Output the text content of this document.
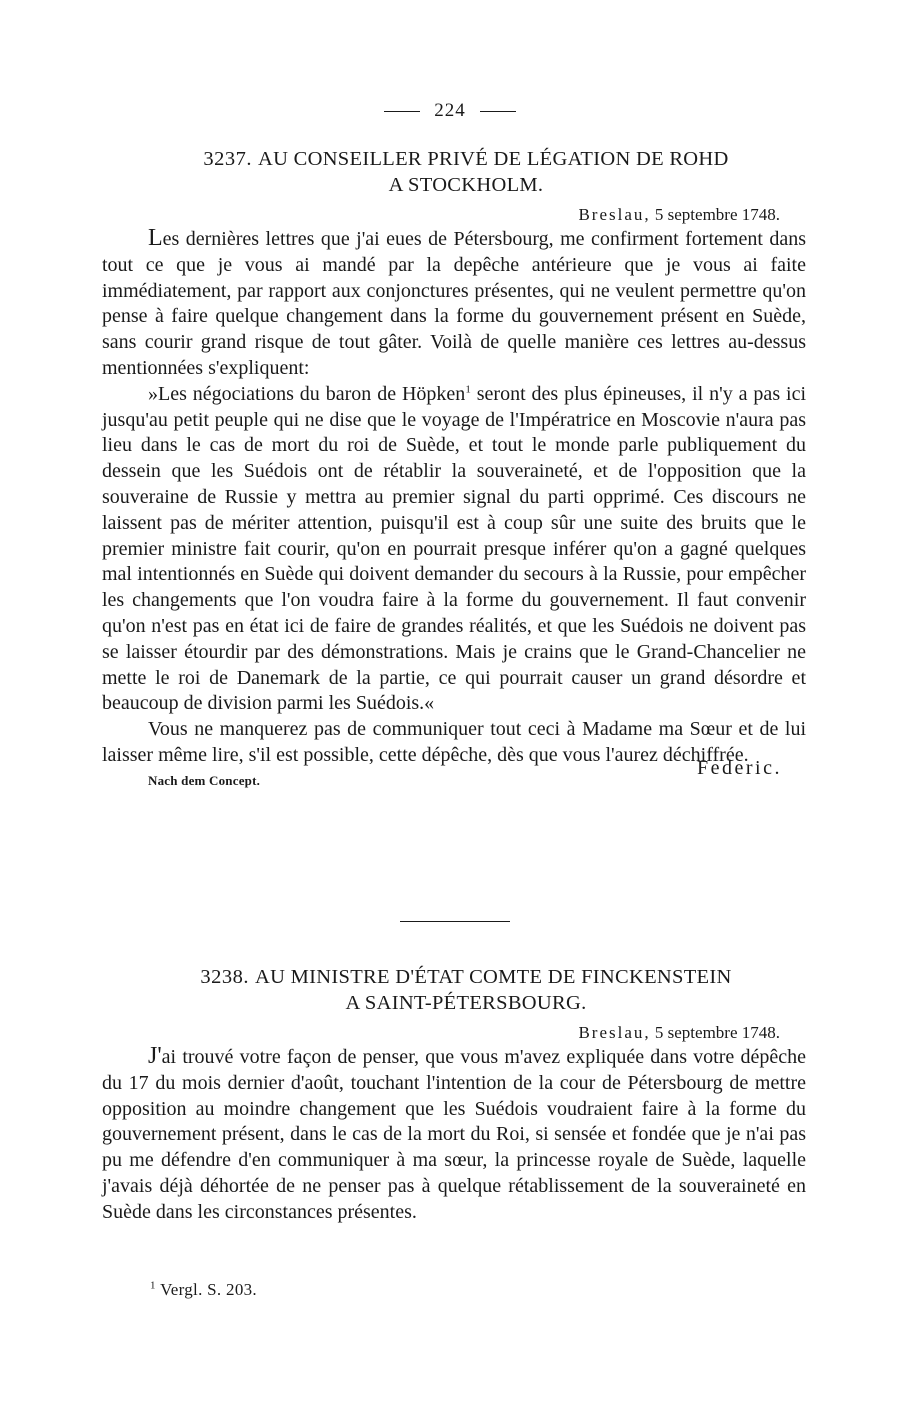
224
3237. AU CONSEILLER PRIVÉ DE LÉGATION DE ROHD
A STOCKHOLM.
Breslau, 5 septembre 1748.

Les dernières lettres que j'ai eues de Pétersbourg, me confirment fortement dans tout ce que je vous ai mandé par la depêche antérieure que je vous ai faite immédiatement, par rapport aux conjonctures présentes, qui ne veulent permettre qu'on pense à faire quelque changement dans la forme du gouvernement présent en Suède, sans courir grand risque de tout gâter. Voilà de quelle manière ces lettres au-dessus mentionnées s'expliquent:

»Les négociations du baron de Höpken$^1$ seront des plus épineuses, il n'y a pas ici jusqu'au petit peuple qui ne dise que le voyage de l'Impératrice en Moscovie n'aura pas lieu dans le cas de mort du roi de Suède, et tout le monde parle publiquement du dessein que les Suédois ont de rétablir la souveraineté, et de l'opposition que la souveraine de Russie y mettra au premier signal du parti opprimé. Ces discours ne laissent pas de mériter attention, puisqu'il est à coup sûr une suite des bruits que le premier ministre fait courir, qu'on en pourrait presque inférer qu'on a gagné quelques mal intentionnés en Suède qui doivent demander du secours à la Russie, pour empêcher les changements que l'on voudra faire à la forme du gouvernement. Il faut convenir qu'on n'est pas en état ici de faire de grandes réalités, et que les Suédois ne doivent pas se laisser étourdir par des démonstrations. Mais je crains que le Grand-Chancelier ne mette le roi de Danemark de la partie, ce qui pourrait causer un grand désordre et beaucoup de division parmi les Suédois.«

Vous ne manquerez pas de communiquer tout ceci à Madame ma Sœur et de lui laisser même lire, s'il est possible, cette dépêche, dès que vous l'aurez déchiffrée.

Nach dem Concept.
Federic.
3238. AU MINISTRE D'ÉTAT COMTE DE FINCKENSTEIN
A SAINT-PÉTERSBOURG.
Breslau, 5 septembre 1748.

J'ai trouvé votre façon de penser, que vous m'avez expliquée dans votre dépêche du 17 du mois dernier d'août, touchant l'intention de la cour de Pétersbourg de mettre opposition au moindre changement que les Suédois voudraient faire à la forme du gouvernement présent, dans le cas de la mort du Roi, si sensée et fondée que je n'ai pas pu me défendre d'en communiquer à ma sœur, la princesse royale de Suède, laquelle j'avais déjà déhortée de ne penser pas à quelque rétablissement de la souveraineté en Suède dans les circonstances présentes.

$^1$ Vergl. S. 203.
